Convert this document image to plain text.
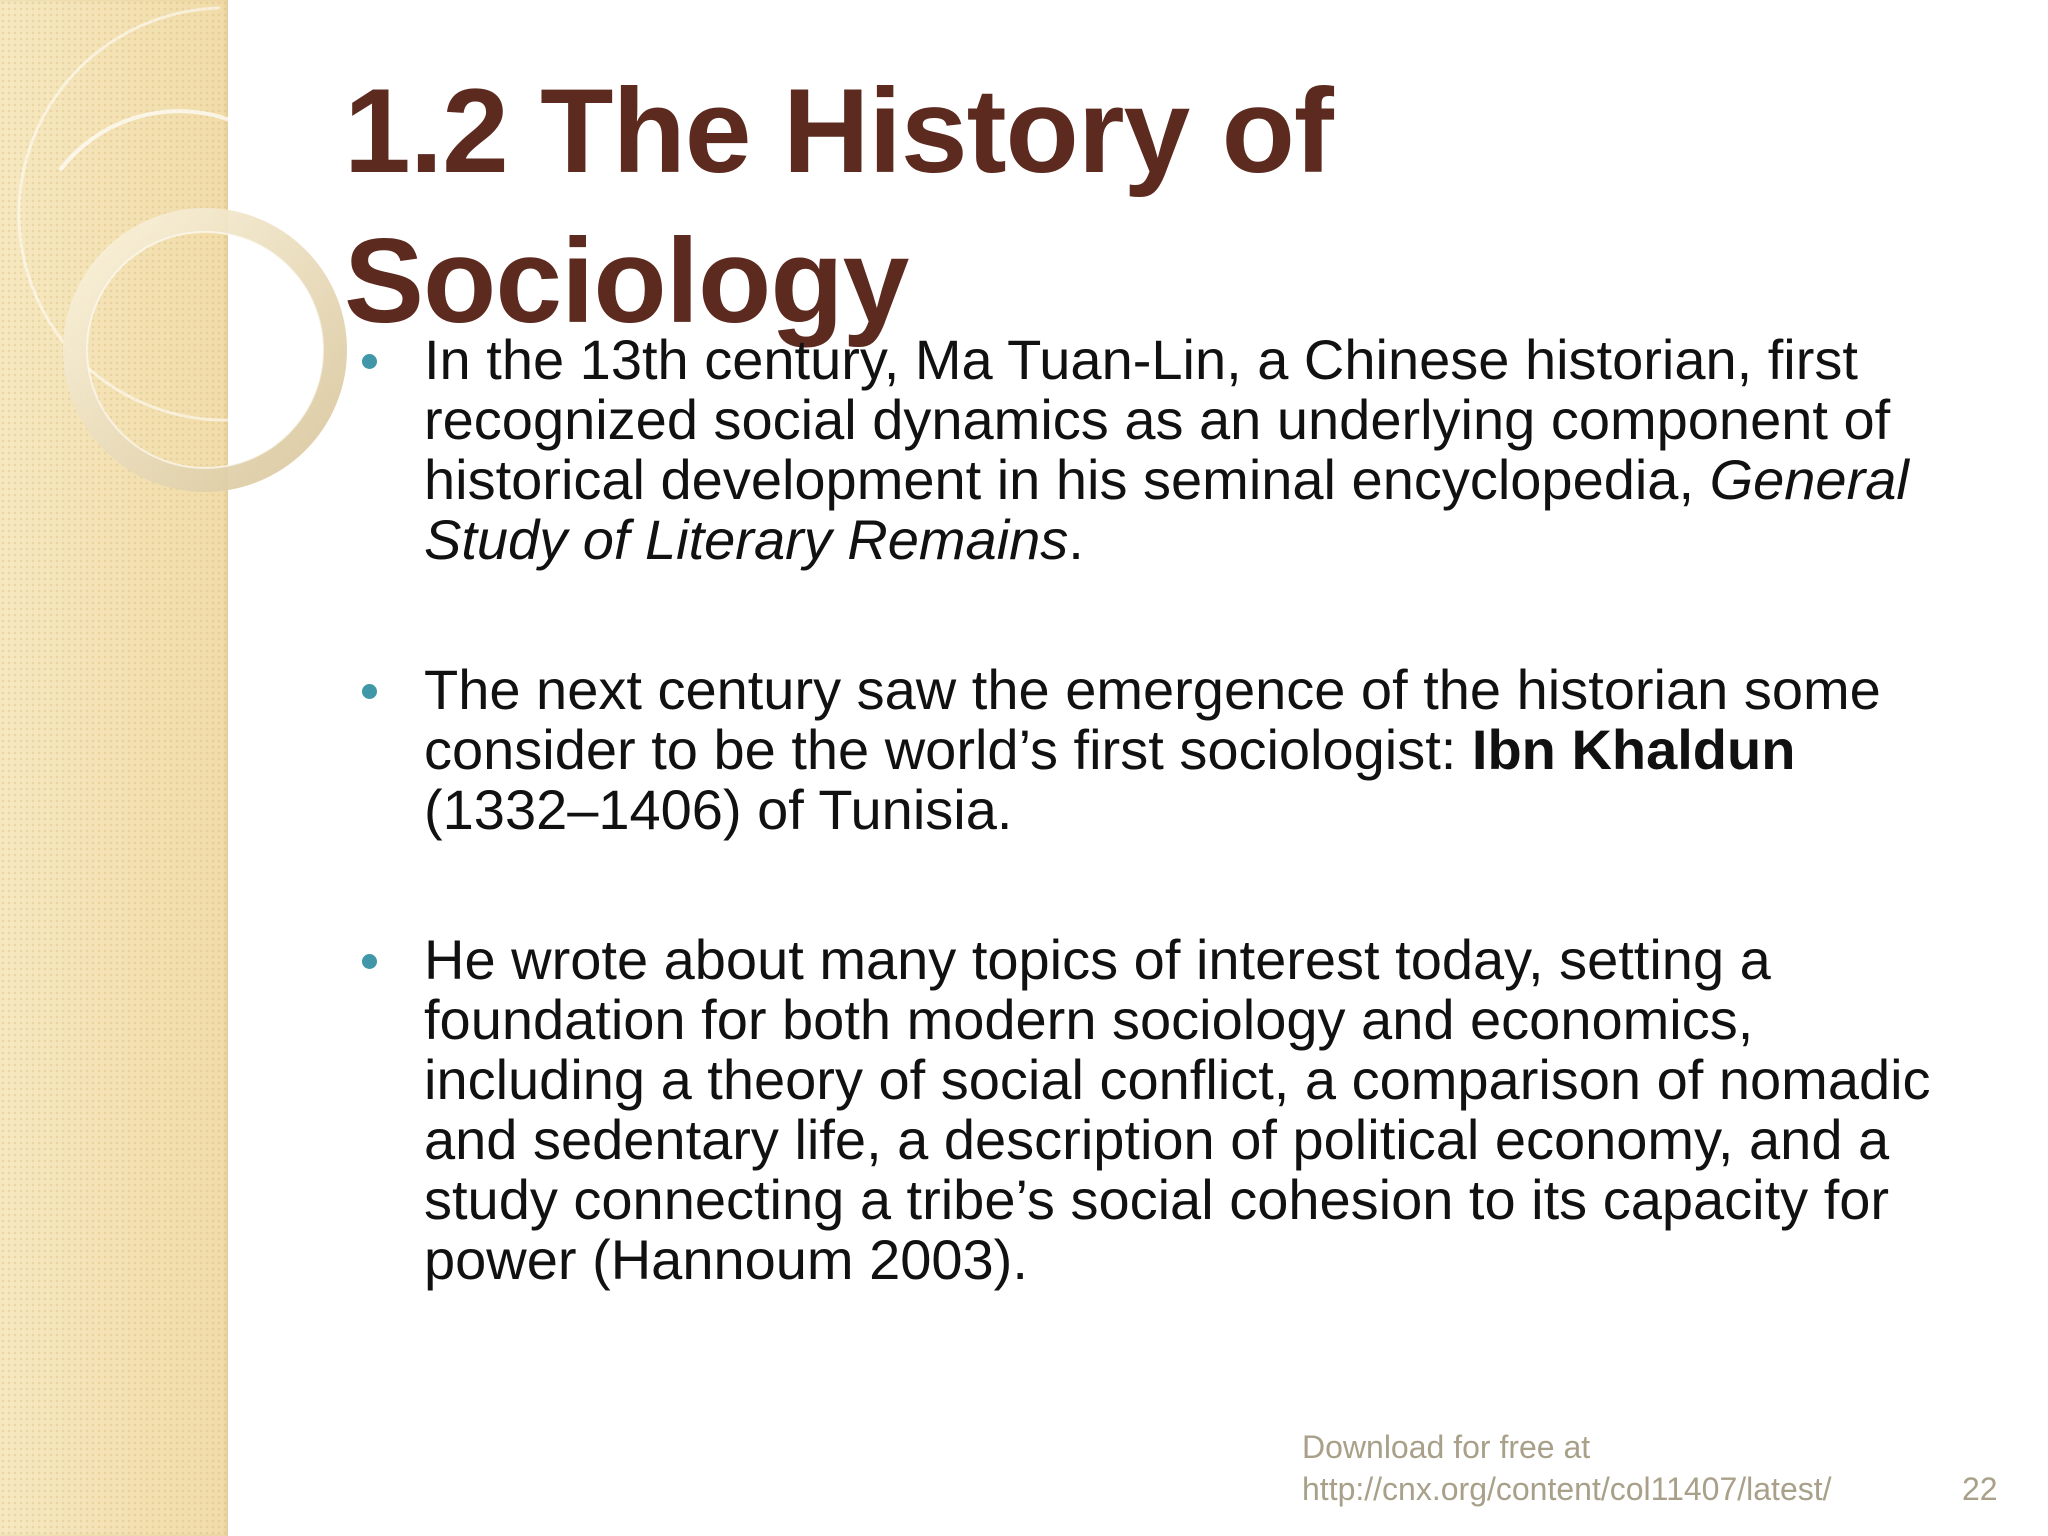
1.2 The History of Sociology
In the 13th century, Ma Tuan-Lin, a Chinese historian, first recognized social dynamics as an underlying component of historical development in his seminal encyclopedia, General Study of Literary Remains.
The next century saw the emergence of the historian some consider to be the world’s first sociologist: Ibn Khaldun (1332–1406) of Tunisia.
He wrote about many topics of interest today, setting a foundation for both modern sociology and economics, including a theory of social conflict, a comparison of nomadic and sedentary life, a description of political economy, and a study connecting a tribe’s social cohesion to its capacity for power (Hannoum 2003).
Download for free at
http://cnx.org/content/col11407/latest/	22
